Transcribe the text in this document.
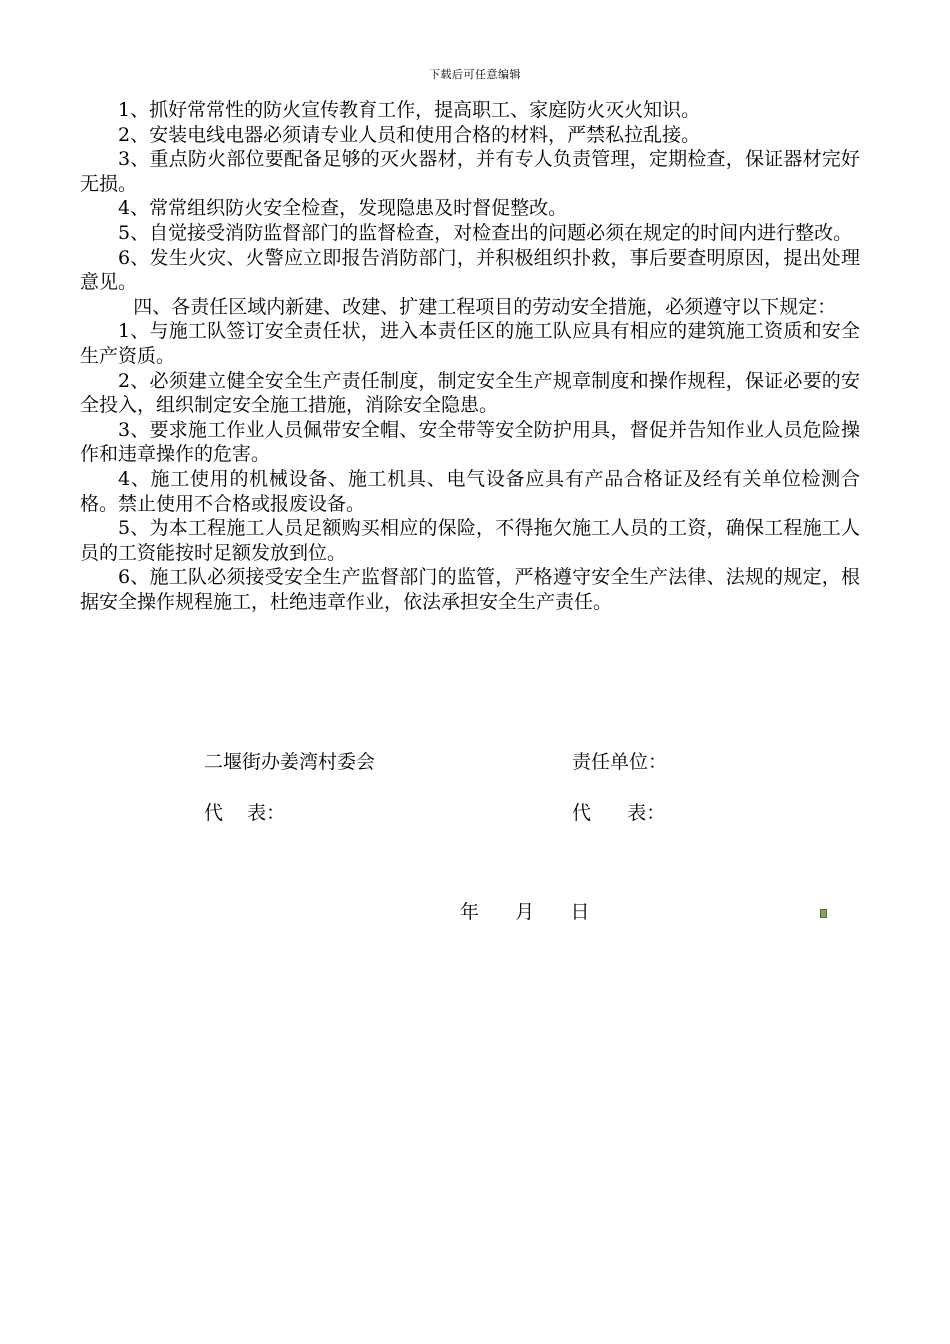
下载后可任意编辑

1、抓好常常性的防火宣传教育工作，提高职工、家庭防火灭火知识。

2、安装电线电器必须请专业人员和使用合格的材料，严禁私拉乱接。

3、重点防火部位要配备足够的灭火器材，并有专人负责管理，定期检查，保证器材完好无损。

4、常常组织防火安全检查，发现隐患及时督促整改。

5、自觉接受消防监督部门的监督检查，对检查出的问题必须在规定的时间内进行整改。

6、发生火灾、火警应立即报告消防部门，并积极组织扑救，事后要查明原因，提出处理意见。

四、各责任区域内新建、改建、扩建工程项目的劳动安全措施，必须遵守以下规定：

1、与施工队签订安全责任状，进入本责任区的施工队应具有相应的建筑施工资质和安全生产资质。

2、必须建立健全安全生产责任制度，制定安全生产规章制度和操作规程，保证必要的安全投入，组织制定安全施工措施，消除安全隐患。

3、要求施工作业人员佩带安全帽、安全带等安全防护用具，督促并告知作业人员危险操作和违章操作的危害。

4、施工使用的机械设备、施工机具、电气设备应具有产品合格证及经有关单位检测合格。禁止使用不合格或报废设备。

5、为本工程施工人员足额购买相应的保险，不得拖欠施工人员的工资，确保工程施工人员的工资能按时足额发放到位。

6、施工队必须接受安全生产监督部门的监管，严格遵守安全生产法律、法规的规定，根据安全操作规程施工，杜绝违章作业，依法承担安全生产责任。

二堰街办姜湾村委会	责任单位：
代    表：	代      表：
年      月      日
